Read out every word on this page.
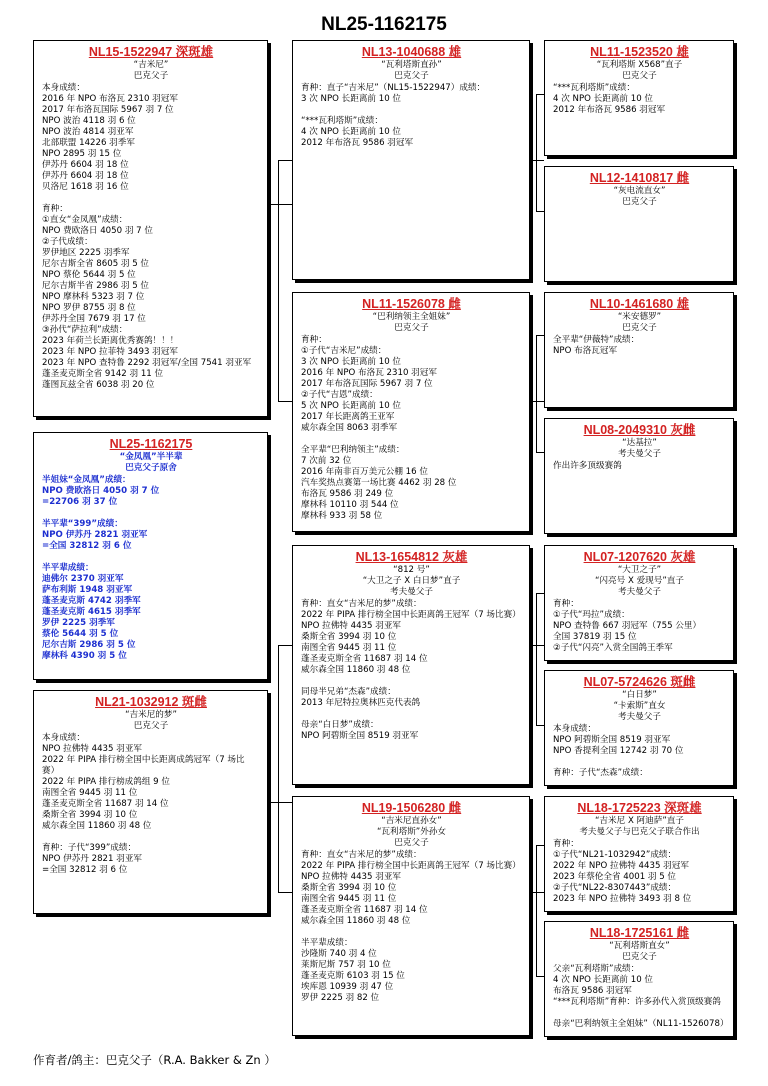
NL25-1162175
NL15-1522947 深斑雄
“吉米尼”
巴克父子
本身成绩：
2016 年 NPO 布洛瓦 2310 羽冠军
2017 年布洛瓦国际 5967 羽 7 位
NPO 波治 4118 羽 6 位
NPO 波治 4814 羽亚军
北部联盟 14226 羽季军
NPO 2895 羽 15 位
伊苏丹 6604 羽 18 位
伊苏丹 6604 羽 18 位
贝洛尼 1618 羽 16 位

育种：
①直女“金凤凰”成绩：
NPO 费欧洛日 4050 羽 7 位
②子代成绩：
罗伊地区 2225 羽季军
尼尔吉斯全省 8605 羽 5 位
NPO 蔡伦 5644 羽 5 位
尼尔吉斯半省 2986 羽 5 位
NPO 摩林科 5323 羽 7 位
NPO 罗伊 8755 羽 8 位
伊苏丹全国 7679 羽 17 位
③孙代“萨拉利”成绩：
2023 年荷兰长距离优秀赛鸽！！！
2023 年 NPO 拉菲特 3493 羽冠军
2023 年 NPO 查特鲁 2292 羽冠军/全国 7541 羽亚军
蓬圣麦克斯全省 9142 羽 11 位
蓬图瓦兹全省 6038 羽 20 位
NL25-1162175
“金凤凰”半半辈
巴克父子原舍
半姐妹“金凤凰”成绩：
NPO 费欧洛日 4050 羽 7 位
=22706 羽 37 位

半平辈“399”成绩：
NPO 伊苏丹 2821 羽亚军
=全国 32812 羽 6 位

半平辈成绩：
迪佛尔 2370 羽亚军
萨布利斯 1948 羽亚军
蓬圣麦克斯 4742 羽季军
蓬圣麦克斯 4615 羽季军
罗伊 2225 羽季军
蔡伦 5644 羽 5 位
尼尔吉斯 2986 羽 5 位
摩林科 4390 羽 5 位
NL21-1032912 斑雌
“吉米尼的梦”
巴克父子
本身成绩：
NPO 拉佛特 4435 羽亚军
2022 年 PIPA 排行榜全国中长距离成鸽冠军（7 场比赛）
2022 年 PIPA 排行榜成鸽组 9 位
南图全省 9445 羽 11 位
蓬圣麦克斯全省 11687 羽 14 位
桑斯全省 3994 羽 10 位
威尔森全国 11860 羽 48 位

育种：子代“399”成绩：
NPO 伊苏丹 2821 羽亚军
=全国 32812 羽 6 位
NL13-1040688 雄
“瓦利塔斯直孙”
巴克父子
育种：直子“吉米尼”（NL15-1522947）成绩：
3 次 NPO 长距离前 10 位

“***瓦利塔斯”成绩：
4 次 NPO 长距离前 10 位
2012 年布洛瓦 9586 羽冠军
NL11-1526078 雌
“巴利纳领主全姐妹”
巴克父子
育种：
①子代“吉米尼”成绩：
3 次 NPO 长距离前 10 位
2016 年 NPO 布洛瓦 2310 羽冠军
2017 年布洛瓦国际 5967 羽 7 位
②子代“吉恩”成绩：
5 次 NPO 长距离前 10 位
2017 年长距离鸽王亚军
威尔森全国 8063 羽季军

全平辈“巴利纳领主”成绩：
7 次前 32 位
2016 年南非百万美元公棚 16 位
汽车奖热点赛第一场比赛 4462 羽 28 位
布洛瓦 9586 羽 249 位
摩林科 10110 羽 544 位
摩林科 933 羽 58 位
NL13-1654812 灰雄
“812 号”
“大卫之子 X 白日梦”直子
考夫曼父子
育种：直女“吉米尼的梦”成绩：
2022 年 PIPA 排行榜全国中长距离鸽王冠军（7 场比赛）
NPO 拉佛特 4435 羽亚军
桑斯全省 3994 羽 10 位
南图全省 9445 羽 11 位
蓬圣麦克斯全省 11687 羽 14 位
威尔森全国 11860 羽 48 位

同母半兄弟“杰森”成绩：
2013 年尼特拉奥林匹克代表鸽

母亲“白日梦”成绩：
NPO 阿碧斯全国 8519 羽亚军
NL19-1506280 雌
“吉米尼直孙女”
“瓦利塔斯”外孙女
巴克父子
育种：直女“吉米尼的梦”成绩：
2022 年 PIPA 排行榜全国中长距离鸽王冠军（7 场比赛）
NPO 拉佛特 4435 羽亚军
桑斯全省 3994 羽 10 位
南图全省 9445 羽 11 位
蓬圣麦克斯全省 11687 羽 14 位
威尔森全国 11860 羽 48 位

半平辈成绩：
沙隆斯 740 羽 4 位
莱斯尼斯 757 羽 10 位
蓬圣麦克斯 6103 羽 15 位
埃库恩 10939 羽 47 位
罗伊 2225 羽 82 位
NL11-1523520 雄
“瓦利塔斯 X568”直子
巴克父子
“***瓦利塔斯”成绩：
4 次 NPO 长距离前 10 位
2012 年布洛瓦 9586 羽冠军
NL12-1410817 雌
“灰电流直女”
巴克父子
NL10-1461680 雄
“米安德罗”
巴克父子
全平辈“伊薇特”成绩：
NPO 布洛瓦冠军
NL08-2049310 灰雌
“达基拉”
考夫曼父子
作出许多顶级赛鸽
NL07-1207620 灰雄
“大卫之子”
“闪亮号 X 爱现号”直子
考夫曼父子
育种：
①子代“玛拉”成绩：
NPO 查特鲁 667 羽冠军（755 公里）
全国 37819 羽 15 位
②子代“闪亮”入赏全国鸽王季军
NL07-5724626 斑雌
“白日梦”
“卡索斯”直女
考夫曼父子
本身成绩：
NPO 阿碧斯全国 8519 羽亚军
NPO 香提利全国 12742 羽 70 位

育种：子代“杰森”成绩：
NL18-1725223 深斑雄
“吉米尼 X 阿迪萨”直子
考夫曼父子与巴克父子联合作出
育种：
①子代“NL21-1032942”成绩：
2022 年 NPO 拉佛特 4435 羽冠军
2023 年蔡伦全省 4001 羽 5 位
②子代“NL22-8307443”成绩：
2023 年 NPO 拉佛特 3493 羽 8 位
NL18-1725161 雌
“瓦利塔斯直女”
巴克父子
父亲“瓦利塔斯”成绩：
4 次 NPO 长距离前 10 位
布洛瓦 9586 羽冠军
“***瓦利塔斯”育种：许多孙代入赏顶级赛鸽

母亲“巴利纳领主全姐妹”（NL11-1526078）
作育者/鸽主：巴克父子（R.A. Bakker & Zn ）
